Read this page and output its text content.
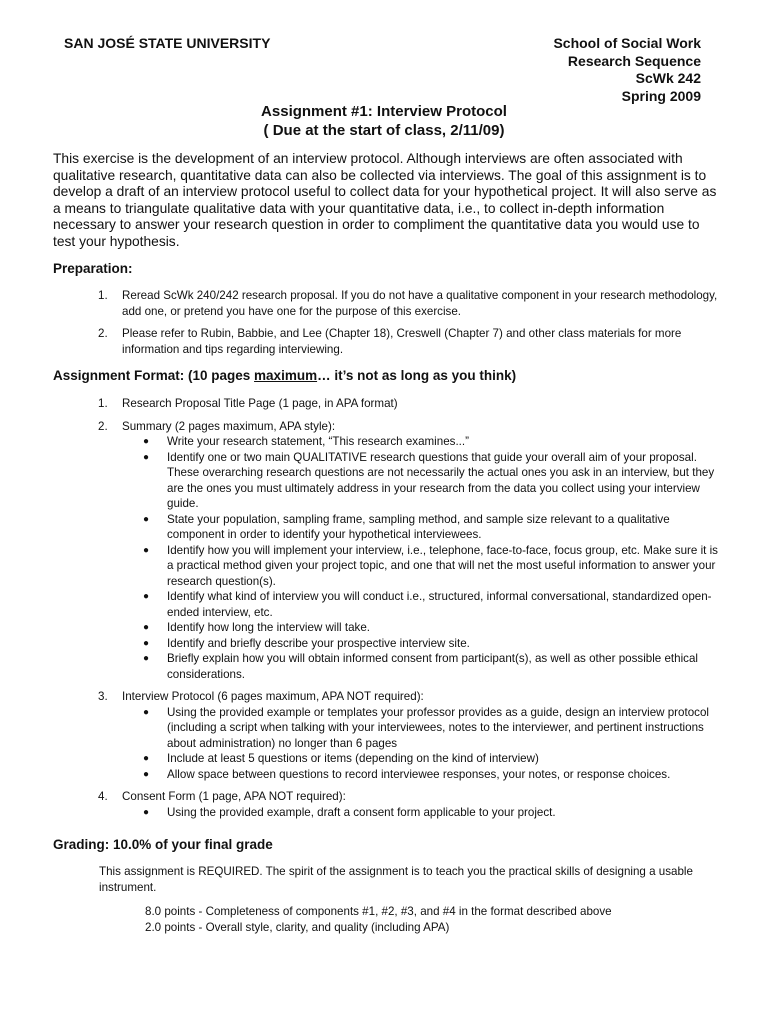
SAN JOSÉ STATE UNIVERSITY	School of Social Work
Research Sequence
ScWk 242
Spring 2009
Assignment #1: Interview Protocol
( Due at the start of class, 2/11/09)
This exercise is the development of an interview protocol. Although interviews are often associated with qualitative research, quantitative data can also be collected via interviews. The goal of this assignment is to develop a draft of an interview protocol useful to collect data for your hypothetical project. It will also serve as a means to triangulate qualitative data with your quantitative data, i.e., to collect in-depth information necessary to answer your research question in order to compliment the quantitative data you would use to test your hypothesis.
Preparation:
1. Reread ScWk 240/242 research proposal. If you do not have a qualitative component in your research methodology, add one, or pretend you have one for the purpose of this exercise.
2. Please refer to Rubin, Babbie, and Lee (Chapter 18), Creswell (Chapter 7) and other class materials for more information and tips regarding interviewing.
Assignment Format: (10 pages maximum… it’s not as long as you think)
1. Research Proposal Title Page (1 page, in APA format)
2. Summary (2 pages maximum, APA style):
● Write your research statement, “This research examines...”
● Identify one or two main QUALITATIVE research questions that guide your overall aim of your proposal. These overarching research questions are not necessarily the actual ones you ask in an interview, but they are the ones you must ultimately address in your research from the data you collect using your interview guide.
● State your population, sampling frame, sampling method, and sample size relevant to a qualitative component in order to identify your hypothetical interviewees.
● Identify how you will implement your interview, i.e., telephone, face-to-face, focus group, etc. Make sure it is a practical method given your project topic, and one that will net the most useful information to answer your research question(s).
● Identify what kind of interview you will conduct i.e., structured, informal conversational, standardized open-ended interview, etc.
● Identify how long the interview will take.
● Identify and briefly describe your prospective interview site.
● Briefly explain how you will obtain informed consent from participant(s), as well as other possible ethical considerations.
3. Interview Protocol (6 pages maximum, APA NOT required):
● Using the provided example or templates your professor provides as a guide, design an interview protocol (including a script when talking with your interviewees, notes to the interviewer, and pertinent instructions about administration) no longer than 6 pages
● Include at least 5 questions or items (depending on the kind of interview)
● Allow space between questions to record interviewee responses, your notes, or response choices.
4. Consent Form (1 page, APA NOT required):
● Using the provided example, draft a consent form applicable to your project.
Grading: 10.0% of your final grade
This assignment is REQUIRED. The spirit of the assignment is to teach you the practical skills of designing a usable instrument.
8.0 points - Completeness of components #1, #2, #3, and #4 in the format described above
2.0 points - Overall style, clarity, and quality (including APA)
